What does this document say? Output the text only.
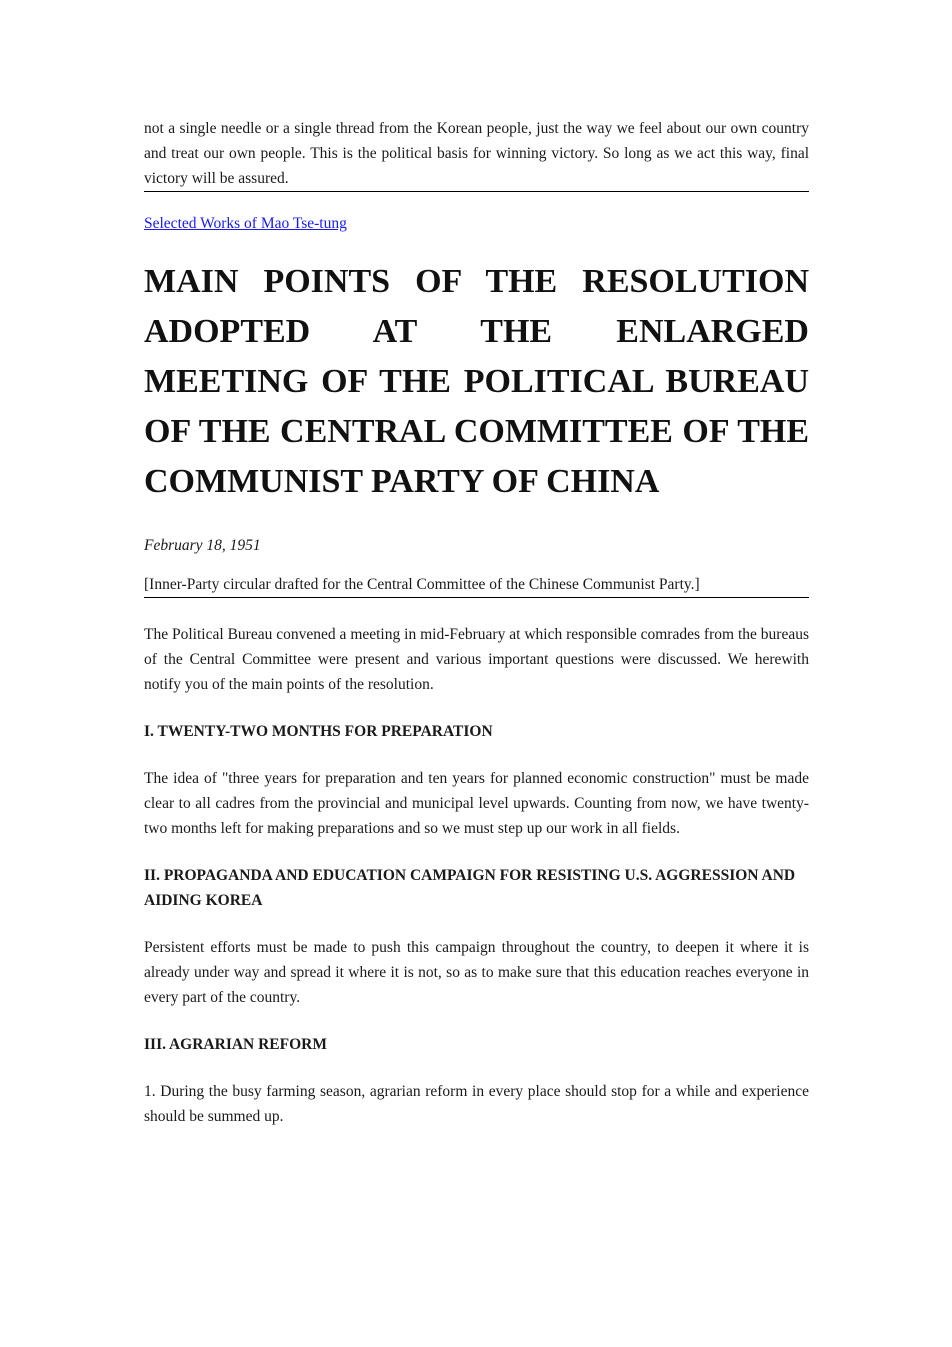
not a single needle or a single thread from the Korean people, just the way we feel about our own country and treat our own people. This is the political basis for winning victory. So long as we act this way, final victory will be assured.

Selected Works of Mao Tse-tung
MAIN POINTS OF THE RESOLUTION ADOPTED AT THE ENLARGED MEETING OF THE POLITICAL BUREAU OF THE CENTRAL COMMITTEE OF THE COMMUNIST PARTY OF CHINA

February 18, 1951

[Inner-Party circular drafted for the Central Committee of the Chinese Communist Party.]

The Political Bureau convened a meeting in mid-February at which responsible comrades from the bureaus of the Central Committee were present and various important questions were discussed. We herewith notify you of the main points of the resolution.

I. TWENTY-TWO MONTHS FOR PREPARATION

The idea of "three years for preparation and ten years for planned economic construction" must be made clear to all cadres from the provincial and municipal level upwards. Counting from now, we have twenty-two months left for making preparations and so we must step up our work in all fields.

II. PROPAGANDA AND EDUCATION CAMPAIGN FOR RESISTING U.S. AGGRESSION AND AIDING KOREA

Persistent efforts must be made to push this campaign throughout the country, to deepen it where it is already under way and spread it where it is not, so as to make sure that this education reaches everyone in every part of the country.

III. AGRARIAN REFORM

1. During the busy farming season, agrarian reform in every place should stop for a while and experience should be summed up.
